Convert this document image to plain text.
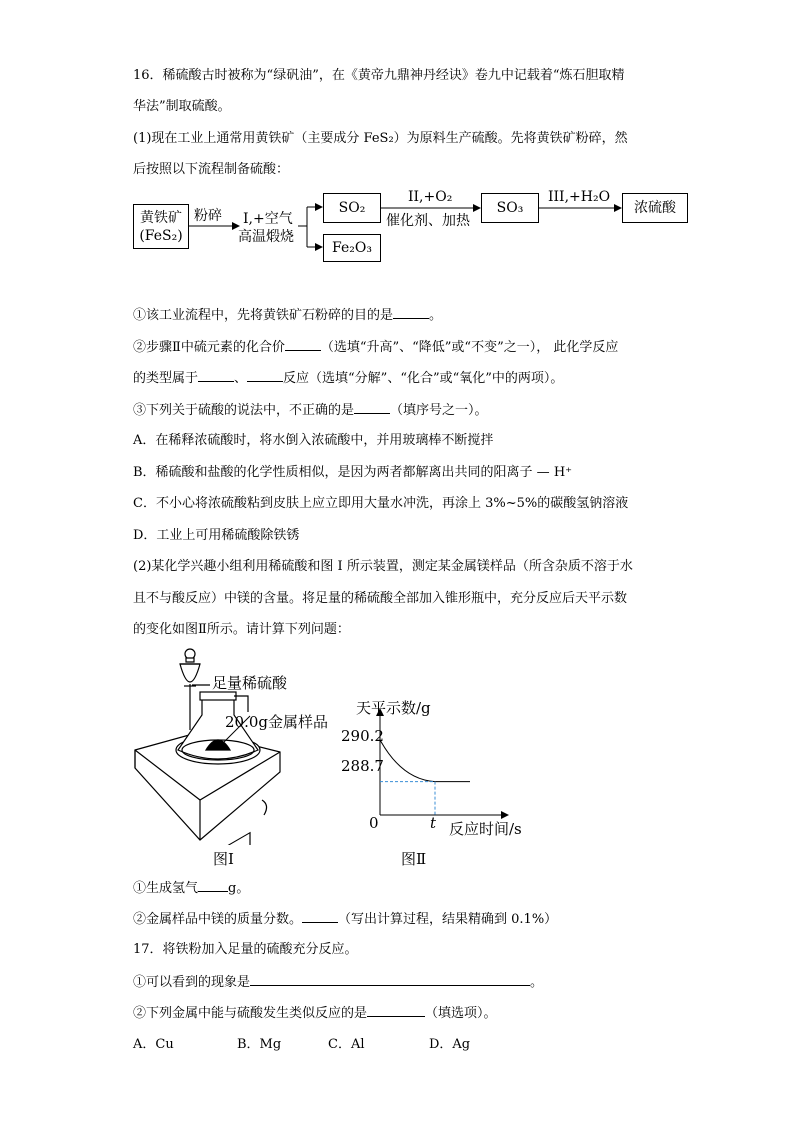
16．稀硫酸古时被称为“绿矾油”，在《黄帝九鼎神丹经诀》卷九中记载着“炼石胆取精
华法”制取硫酸。
(1)现在工业上通常用黄铁矿（主要成分 FeS₂）为原料生产硫酸。先将黄铁矿粉碎，然
后按照以下流程制备硫酸：
黄铁矿
(FeS₂)
粉碎 I,+空气
高温煅烧
SO₂
Fe₂O₃
II,+O₂
催化剂、加热
SO₃
III,+H₂O
浓硫酸
①该工业流程中，先将黄铁矿石粉碎的目的是	。
②步骤Ⅱ中硫元素的化合价	（选填“升高”、“降低”或“不变”之一）， 此化学反应
的类型属于	、	反应（选填“分解”、“化合”或“氧化”中的两项）。
③下列关于硫酸的说法中，不正确的是	（填序号之一）。
A．在稀释浓硫酸时，将水倒入浓硫酸中，并用玻璃棒不断搅拌
B．稀硫酸和盐酸的化学性质相似，是因为两者都解离出共同的阳离子 — H⁺
C．不小心将浓硫酸粘到皮肤上应立即用大量水冲洗，再涂上 3%~5%的碳酸氢钠溶液
D．工业上可用稀硫酸除铁锈
(2)某化学兴趣小组利用稀硫酸和图 I 所示装置，测定某金属镁样品（所含杂质不溶于水
且不与酸反应）中镁的含量。将足量的稀硫酸全部加入锥形瓶中，充分反应后天平示数
的变化如图Ⅱ所示。请计算下列问题：
足量稀硫酸
20.0g金属样品
图Ⅰ
天平示数/g
290.2
288.7
0	t 反应时间/s
图Ⅱ
①生成氢气 g。
②金属样品中镁的质量分数。	（写出计算过程，结果精确到 0.1%）
17．将铁粉加入足量的硫酸充分反应。
①可以看到的现象是	。
②下列金属中能与硫酸发生类似反应的是	（填选项）。
A．Cu	B．Mg	C．Al	D．Ag
